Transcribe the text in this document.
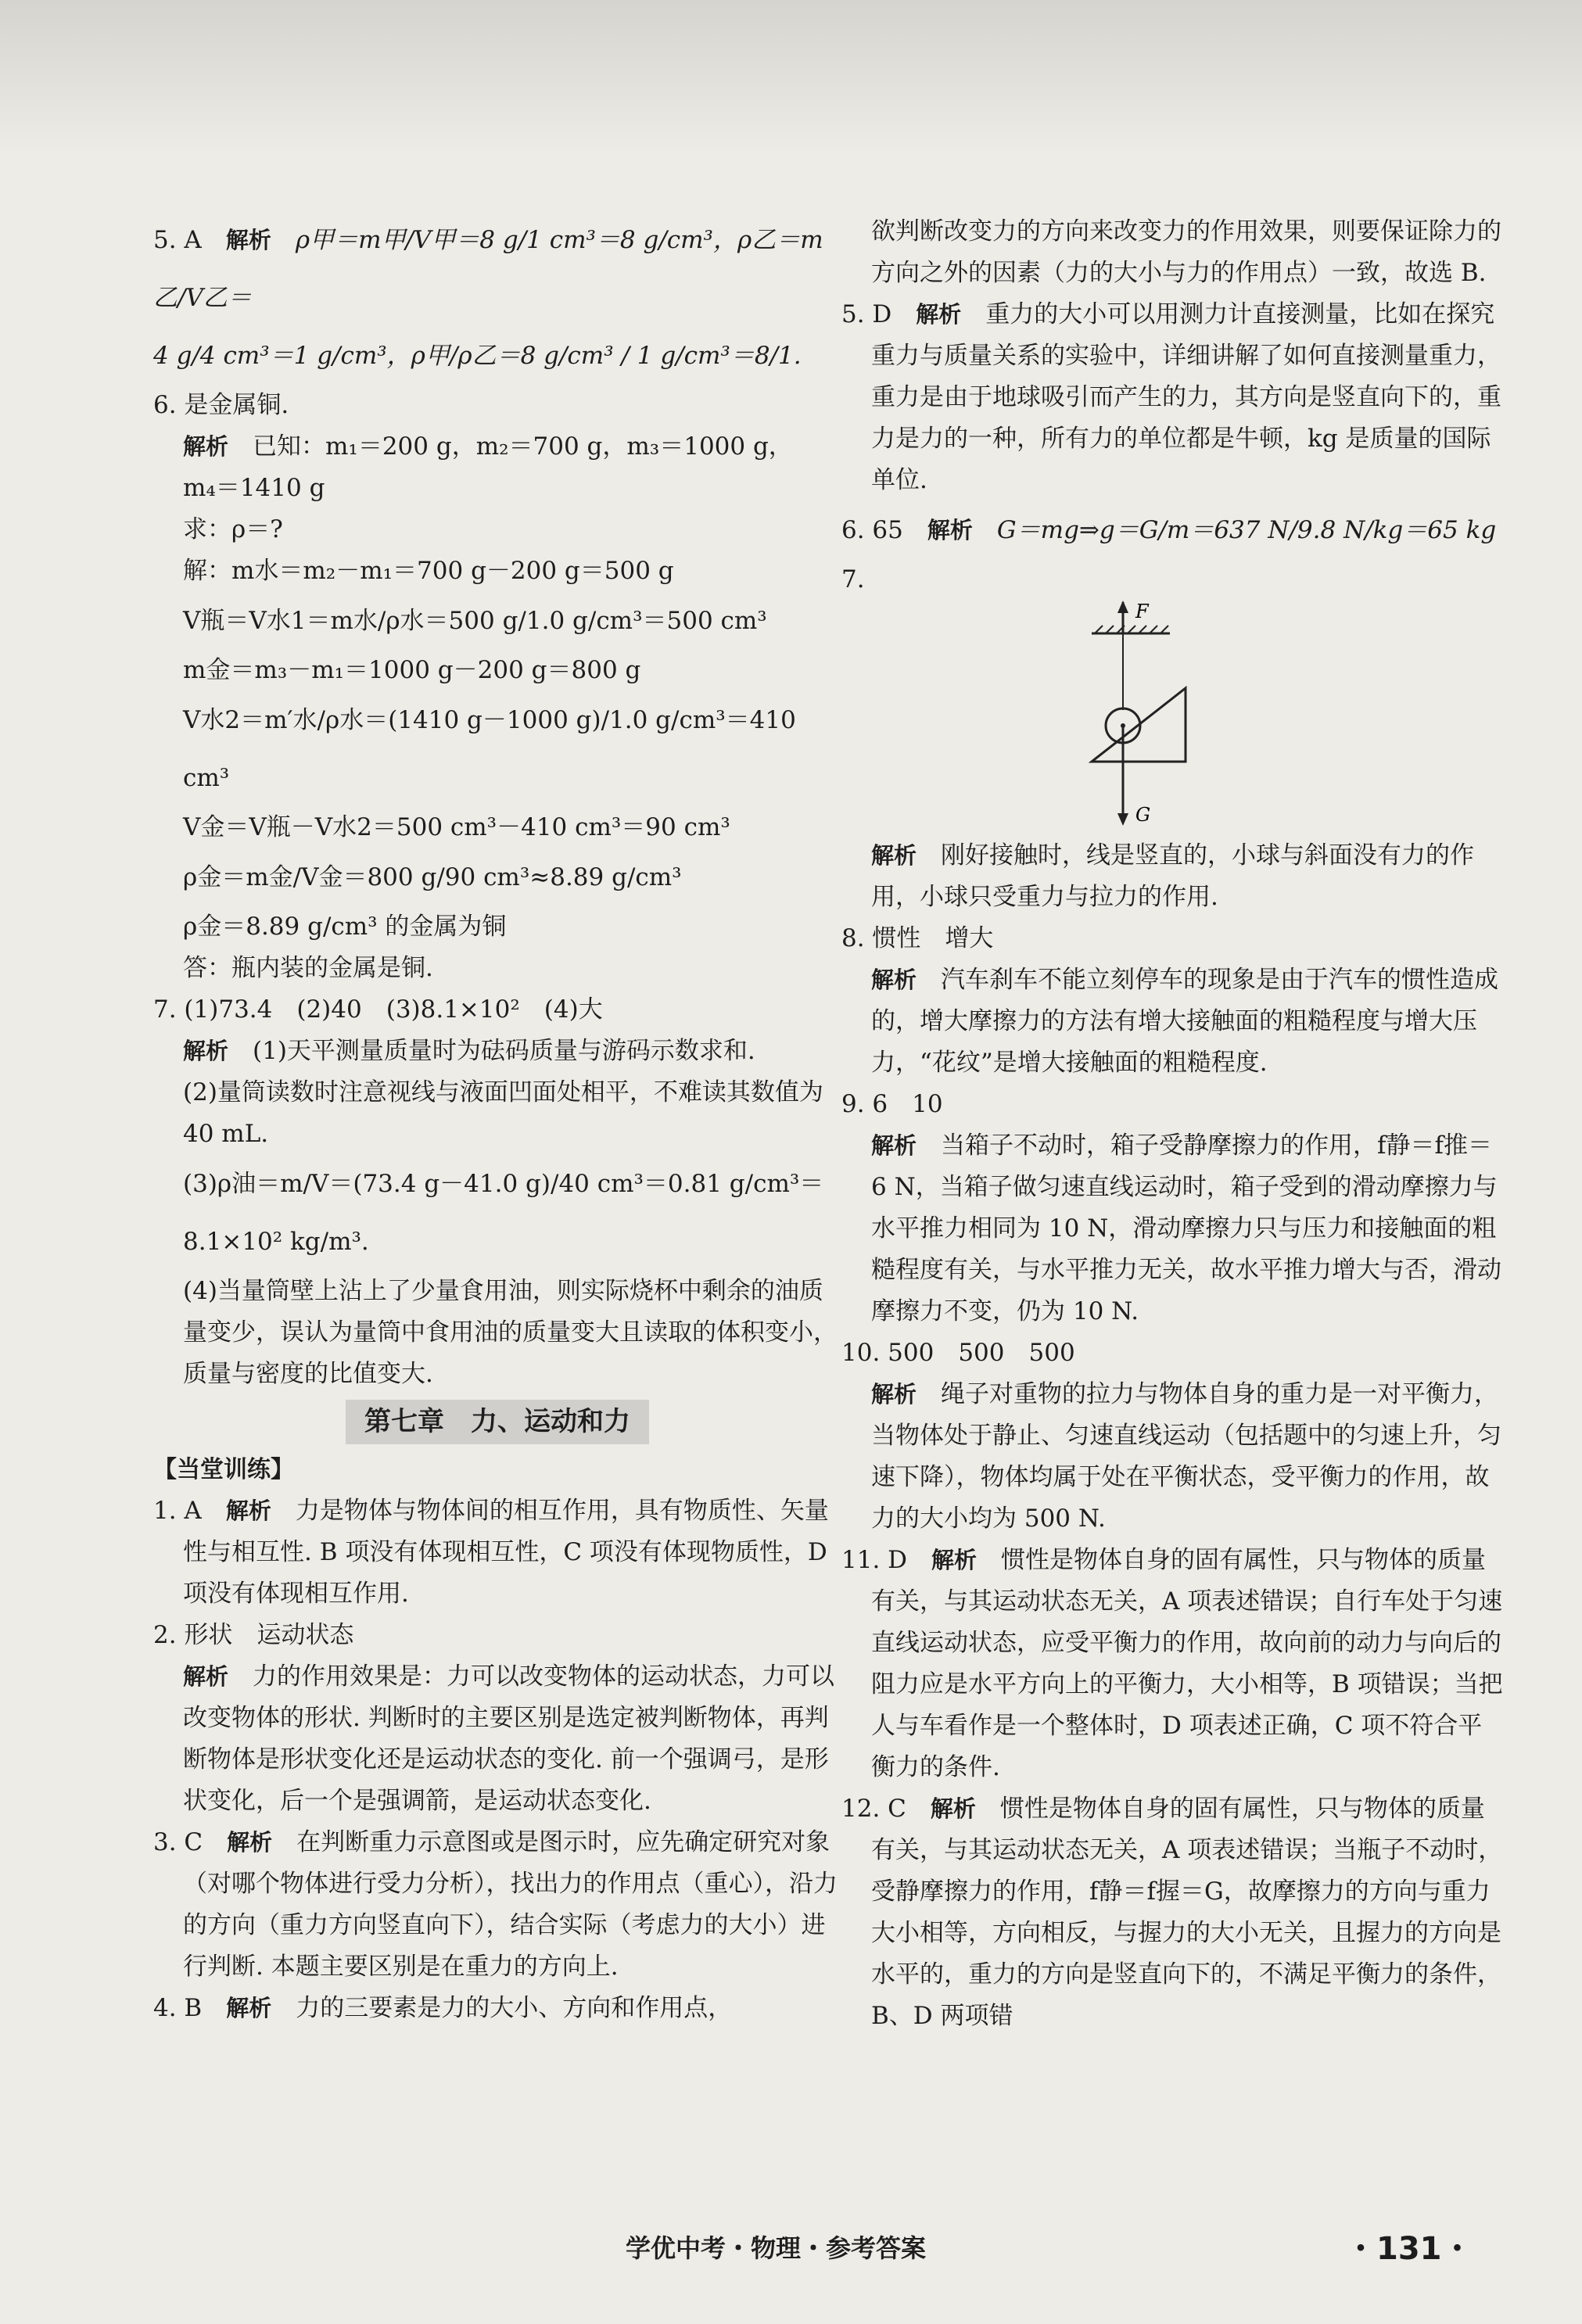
5. A　 解析　 ρ甲＝m甲/V甲＝8 g/1 cm³＝8 g/cm³，ρ乙＝m乙/V乙＝

4 g/4 cm³＝1 g/cm³，ρ甲/ρ乙＝8 g/cm³ / 1 g/cm³＝8/1.

6. 是金属铜.

解析　 已知：m₁＝200 g，m₂＝700 g，m₃＝1000 g，

m₄＝1410 g

求：ρ＝?

解：m水＝m₂－m₁＝700 g－200 g＝500 g

V瓶＝V水1＝m水/ρ水＝500 g/1.0 g/cm³＝500 cm³

m金＝m₃－m₁＝1000 g－200 g＝800 g

V水2＝m′水/ρ水＝(1410 g－1000 g)/1.0 g/cm³＝410 cm³

V金＝V瓶－V水2＝500 cm³－410 cm³＝90 cm³

ρ金＝m金/V金＝800 g/90 cm³≈8.89 g/cm³

ρ金＝8.89 g/cm³ 的金属为铜

答：瓶内装的金属是铜.

7. (1)73.4　(2)40　(3)8.1×10²　(4)大

解析　 (1)天平测量质量时为砝码质量与游码示数求和.

(2)量筒读数时注意视线与液面凹面处相平，不难读其数值为 40 mL.

(3)ρ油＝m/V＝(73.4 g－41.0 g)/40 cm³＝0.81 g/cm³＝8.1×10² kg/m³.

(4)当量筒壁上沾上了少量食用油，则实际烧杯中剩余的油质量变少，误认为量筒中食用油的质量变大且读取的体积变小，质量与密度的比值变大.

第七章　力、运动和力

【当堂训练】

1. A　 解析　 力是物体与物体间的相互作用，具有物质性、矢量性与相互性. B 项没有体现相互性，C 项没有体现物质性，D 项没有体现相互作用.

2. 形状　运动状态

解析　 力的作用效果是：力可以改变物体的运动状态，力可以改变物体的形状. 判断时的主要区别是选定被判断物体，再判断物体是形状变化还是运动状态的变化. 前一个强调弓，是形状变化，后一个是强调箭，是运动状态变化.

3. C　 解析　 在判断重力示意图或是图示时，应先确定研究对象（对哪个物体进行受力分析），找出力的作用点（重心），沿力的方向（重力方向竖直向下），结合实际（考虑力的大小）进行判断. 本题主要区别是在重力的方向上.

4. B　 解析　 力的三要素是力的大小、方向和作用点，

欲判断改变力的方向来改变力的作用效果，则要保证除力的方向之外的因素（力的大小与力的作用点）一致，故选 B.

5. D　 解析　 重力的大小可以用测力计直接测量，比如在探究重力与质量关系的实验中，详细讲解了如何直接测量重力，重力是由于地球吸引而产生的力，其方向是竖直向下的，重力是力的一种，所有力的单位都是牛顿，kg 是质量的国际单位.

6. 65　 解析　 G＝mg⇒g＝G/m＝637 N/9.8 N/kg＝65 kg

7.

F
G

解析　 刚好接触时，线是竖直的，小球与斜面没有力的作用，小球只受重力与拉力的作用.

8. 惯性　增大

解析　 汽车刹车不能立刻停车的现象是由于汽车的惯性造成的，增大摩擦力的方法有增大接触面的粗糙程度与增大压力，“花纹”是增大接触面的粗糙程度.

9. 6　10

解析　 当箱子不动时，箱子受静摩擦力的作用，f静＝f推＝6 N，当箱子做匀速直线运动时，箱子受到的滑动摩擦力与水平推力相同为 10 N，滑动摩擦力只与压力和接触面的粗糙程度有关，与水平推力无关，故水平推力增大与否，滑动摩擦力不变，仍为 10 N.

10. 500　500　500

解析　 绳子对重物的拉力与物体自身的重力是一对平衡力，当物体处于静止、匀速直线运动（包括题中的匀速上升，匀速下降），物体均属于处在平衡状态，受平衡力的作用，故力的大小均为 500 N.

11. D　 解析　 惯性是物体自身的固有属性，只与物体的质量有关，与其运动状态无关，A 项表述错误；自行车处于匀速直线运动状态，应受平衡力的作用，故向前的动力与向后的阻力应是水平方向上的平衡力，大小相等，B 项错误；当把人与车看作是一个整体时，D 项表述正确，C 项不符合平衡力的条件.

12. C　 解析　 惯性是物体自身的固有属性，只与物体的质量有关，与其运动状态无关，A 项表述错误；当瓶子不动时，受静摩擦力的作用，f静＝f握＝G，故摩擦力的方向与重力大小相等，方向相反，与握力的大小无关，且握力的方向是水平的，重力的方向是竖直向下的，不满足平衡力的条件，B、D 两项错

学优中考・物理・参考答案	・131・
